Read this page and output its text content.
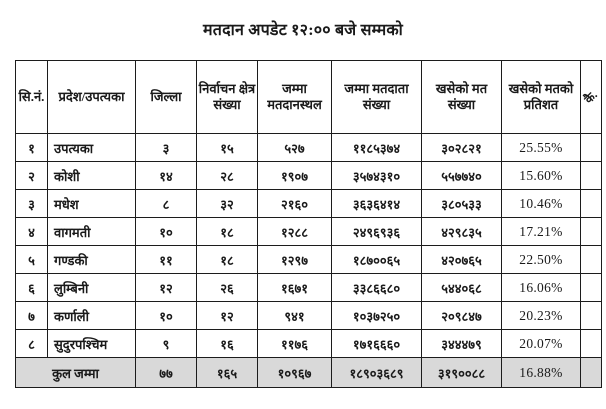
मतदान अपडेट १२:०० बजे सम्मको
सि.नं.	प्रदेश/उपत्यका	जिल्ला	निर्वाचन क्षेत्र संख्या	जम्मा मतदानस्थल	जम्मा मतदाता संख्या	खसेको मत संख्या	खसेको मतको प्रतिशत	कै.
१	उपत्यका	३	१५	५२७	११८५३७४	३०२८२१	25.55%	
२	कोशी	१४	२८	१९०७	३५७४३१०	५५७७४०	15.60%	
३	मधेश	८	३२	२१६०	३६३६४१४	३८०५३३	10.46%	
४	वागमती	१०	१८	१२८८	२४९६९३६	४२९८३५	17.21%	
५	गण्डकी	११	१८	१२९७	१८७००६५	४२०७६५	22.50%	
६	लुम्बिनी	१२	२६	१६७१	३३८६६८०	५४४०६८	16.06%	
७	कर्णाली	१०	१२	९४१	१०३७२५०	२०९८४७	20.23%	
८	सुदुरपश्चिम	९	१६	११७६	१७१६६६०	३४४४७९	20.07%	
कुल जम्मा		७७	१६५	१०९६७	१८९०३६८९	३१९००८८	16.88%	
